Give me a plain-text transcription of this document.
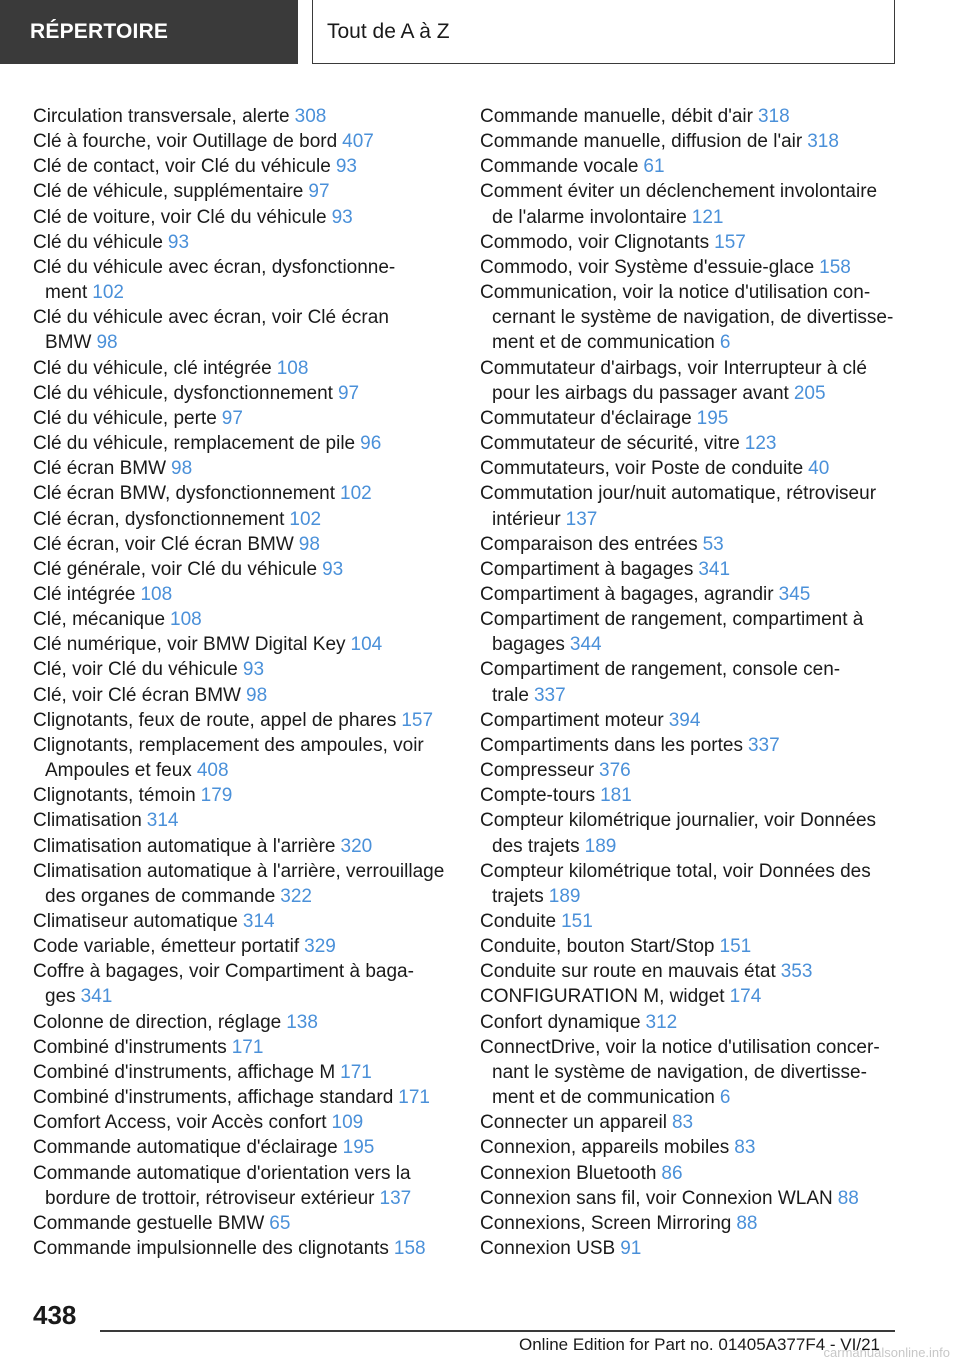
RÉPERTOIRE	Tout de A à Z
Circulation transversale, alerte 308
Clé à fourche, voir Outillage de bord 407
Clé de contact, voir Clé du véhicule 93
Clé de véhicule, supplémentaire 97
Clé de voiture, voir Clé du véhicule 93
Clé du véhicule 93
Clé du véhicule avec écran, dysfonctionne-
ment 102
Clé du véhicule avec écran, voir Clé écran
BMW 98
Clé du véhicule, clé intégrée 108
Clé du véhicule, dysfonctionnement 97
Clé du véhicule, perte 97
Clé du véhicule, remplacement de pile 96
Clé écran BMW 98
Clé écran BMW, dysfonctionnement 102
Clé écran, dysfonctionnement 102
Clé écran, voir Clé écran BMW 98
Clé générale, voir Clé du véhicule 93
Clé intégrée 108
Clé, mécanique 108
Clé numérique, voir BMW Digital Key 104
Clé, voir Clé du véhicule 93
Clé, voir Clé écran BMW 98
Clignotants, feux de route, appel de phares 157
Clignotants, remplacement des ampoules, voir
Ampoules et feux 408
Clignotants, témoin 179
Climatisation 314
Climatisation automatique à l'arrière 320
Climatisation automatique à l'arrière, verrouillage
des organes de commande 322
Climatiseur automatique 314
Code variable, émetteur portatif 329
Coffre à bagages, voir Compartiment à baga-
ges 341
Colonne de direction, réglage 138
Combiné d'instruments 171
Combiné d'instruments, affichage M 171
Combiné d'instruments, affichage standard 171
Comfort Access, voir Accès confort 109
Commande automatique d'éclairage 195
Commande automatique d'orientation vers la
bordure de trottoir, rétroviseur extérieur 137
Commande gestuelle BMW 65
Commande impulsionnelle des clignotants 158
Commande manuelle, débit d'air 318
Commande manuelle, diffusion de l'air 318
Commande vocale 61
Comment éviter un déclenchement involontaire
de l'alarme involontaire 121
Commodo, voir Clignotants 157
Commodo, voir Système d'essuie-glace 158
Communication, voir la notice d'utilisation con-
cernant le système de navigation, de divertisse-
ment et de communication 6
Commutateur d'airbags, voir Interrupteur à clé
pour les airbags du passager avant 205
Commutateur d'éclairage 195
Commutateur de sécurité, vitre 123
Commutateurs, voir Poste de conduite 40
Commutation jour/nuit automatique, rétroviseur
intérieur 137
Comparaison des entrées 53
Compartiment à bagages 341
Compartiment à bagages, agrandir 345
Compartiment de rangement, compartiment à
bagages 344
Compartiment de rangement, console cen-
trale 337
Compartiment moteur 394
Compartiments dans les portes 337
Compresseur 376
Compte-tours 181
Compteur kilométrique journalier, voir Données
des trajets 189
Compteur kilométrique total, voir Données des
trajets 189
Conduite 151
Conduite, bouton Start/Stop 151
Conduite sur route en mauvais état 353
CONFIGURATION M, widget 174
Confort dynamique 312
ConnectDrive, voir la notice d'utilisation concer-
nant le système de navigation, de divertisse-
ment et de communication 6
Connecter un appareil 83
Connexion, appareils mobiles 83
Connexion Bluetooth 86
Connexion sans fil, voir Connexion WLAN 88
Connexions, Screen Mirroring 88
Connexion USB 91
438
Online Edition for Part no. 01405A377F4 - VI/21
carmanualsonline.info
